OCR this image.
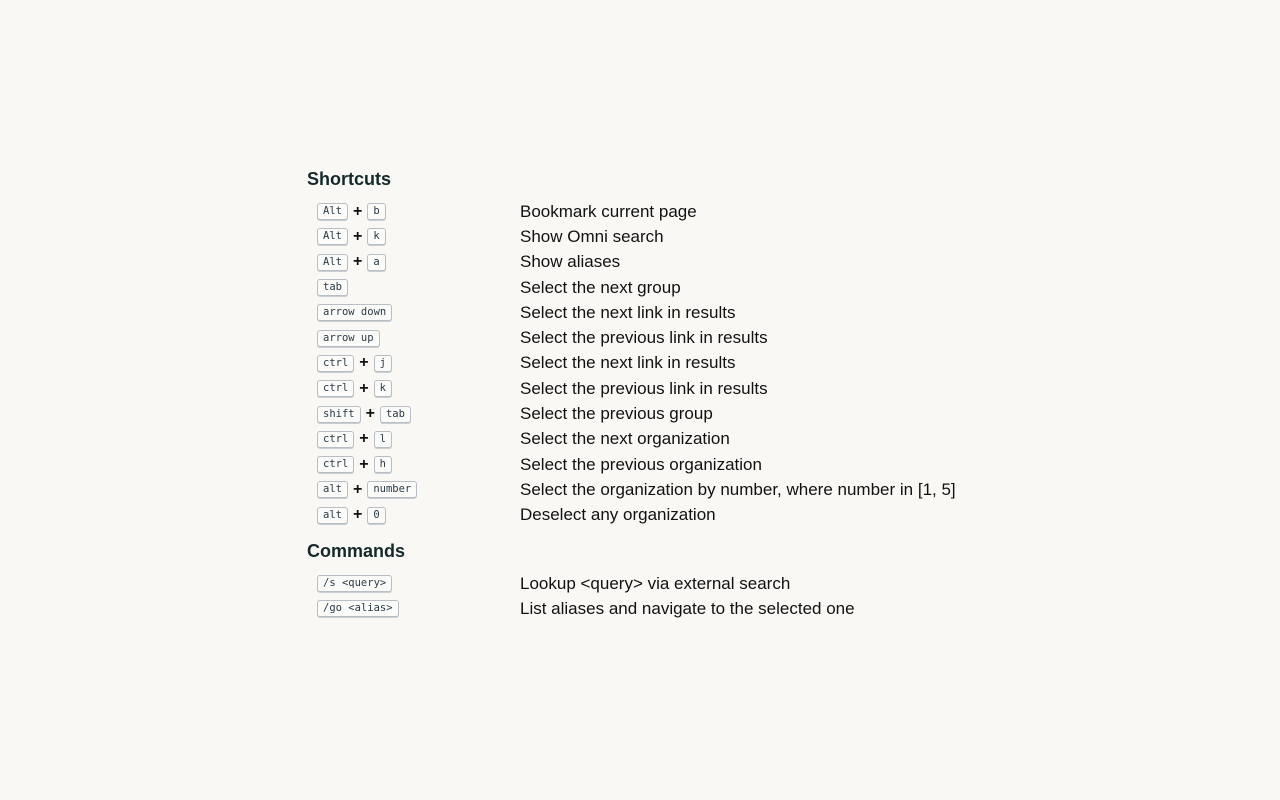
Shortcuts
Alt +	b	Bookmark current page
Alt +	k	Show Omni search
Alt +	a	Show aliases
tab	Select the next group
arrow down	Select the next link in results
arrow up	Select the previous link in results
ctrl +	j	Select the next link in results
ctrl +	k	Select the previous link in results
shift +	tab	Select the previous group
ctrl +	l	Select the next organization
ctrl +	h	Select the previous organization
alt +	number	Select the organization by number, where number in [1, 5]
alt +	0	Deselect any organization
Commands
/s <query>	Lookup <query> via external search
/go <alias>	List aliases and navigate to the selected one
